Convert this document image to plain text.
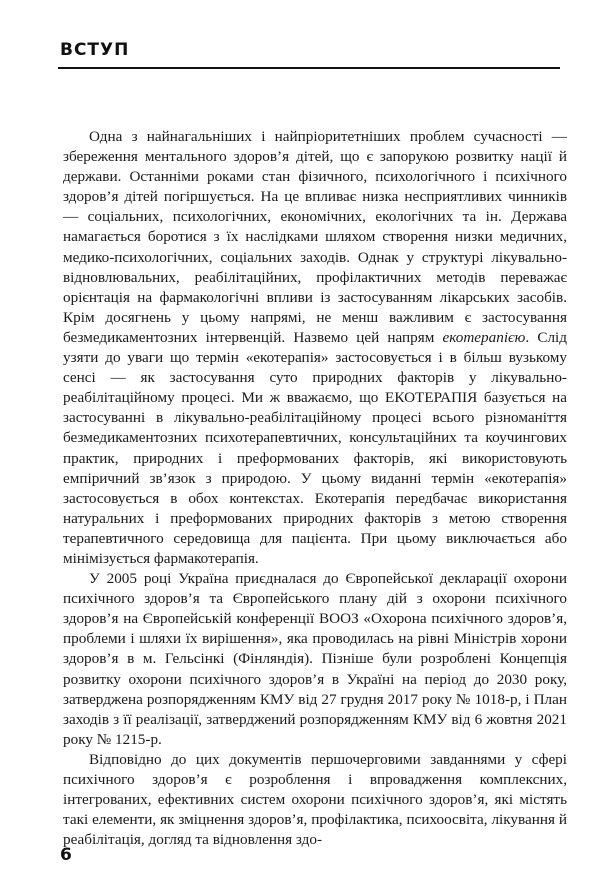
ВСТУП

Одна з найнагальніших і найпріоритетніших проблем сучасності — збереження ментального здоров’я дітей, що є запорукою розвитку нації й держави. Останніми роками стан фізичного, психологічного і психічного здоров’я дітей погіршується. На це впливає низка несприятливих чинників — соціальних, психологічних, економічних, екологічних та ін. Держава намагається боротися з їх наслідками шляхом створення низки медичних, медико-психологічних, соціальних заходів. Однак у структурі лікувально-відновлювальних, реабілітаційних, профілактичних методів переважає орієнтація на фармакологічні впливи із застосуванням лікарських засобів. Крім досягнень у цьому напрямі, не менш важливим є застосування безмедикаментозних інтервенцій. Назвемо цей напрям екотерапією. Слід узяти до уваги що термін «екотерапія» застосовується і в більш вузькому сенсі — як застосування суто природних факторів у лікувально-реабілітаційному процесі. Ми ж вважаємо, що ЕКОТЕРАПІЯ базується на застосуванні в лікувально-реабілітаційному процесі всього різноманіття безмедикаментозних психотерапевтичних, консультаційних та коучингових практик, природних і преформованих факторів, які використовують емпіричний зв’язок з природою. У цьому виданні термін «екотерапія» застосовується в обох контекстах. Екотерапія передбачає використання натуральних і преформованих природних факторів з метою створення терапевтичного середовища для пацієнта. При цьому виключається або мінімізується фармакотерапія.

У 2005 році Україна приєдналася до Європейської декларації охорони психічного здоров’я та Європейського плану дій з охорони психічного здоров’я на Європейській конференції ВООЗ «Охорона психічного здоров’я, проблеми і шляхи їх вирішення», яка проводилась на рівні Міністрів хорони здоров’я в м. Гельсінкі (Фінляндія). Пізніше були розроблені Концепція розвитку охорони психічного здоров’я в Україні на період до 2030 року, затверджена розпорядженням КМУ від 27 грудня 2017 року № 1018-р, і План заходів з її реалізації, затверджений розпорядженням КМУ від 6 жовтня 2021 року № 1215-р.

Відповідно до цих документів першочерговими завданнями у сфері психічного здоров’я є розроблення і впровадження комплексних, інтегрованих, ефективних систем охорони психічного здоров’я, які містять такі елементи, як зміцнення здоров’я, профілактика, психоосвіта, лікування й реабілітація, догляд та відновлення здо-

6
